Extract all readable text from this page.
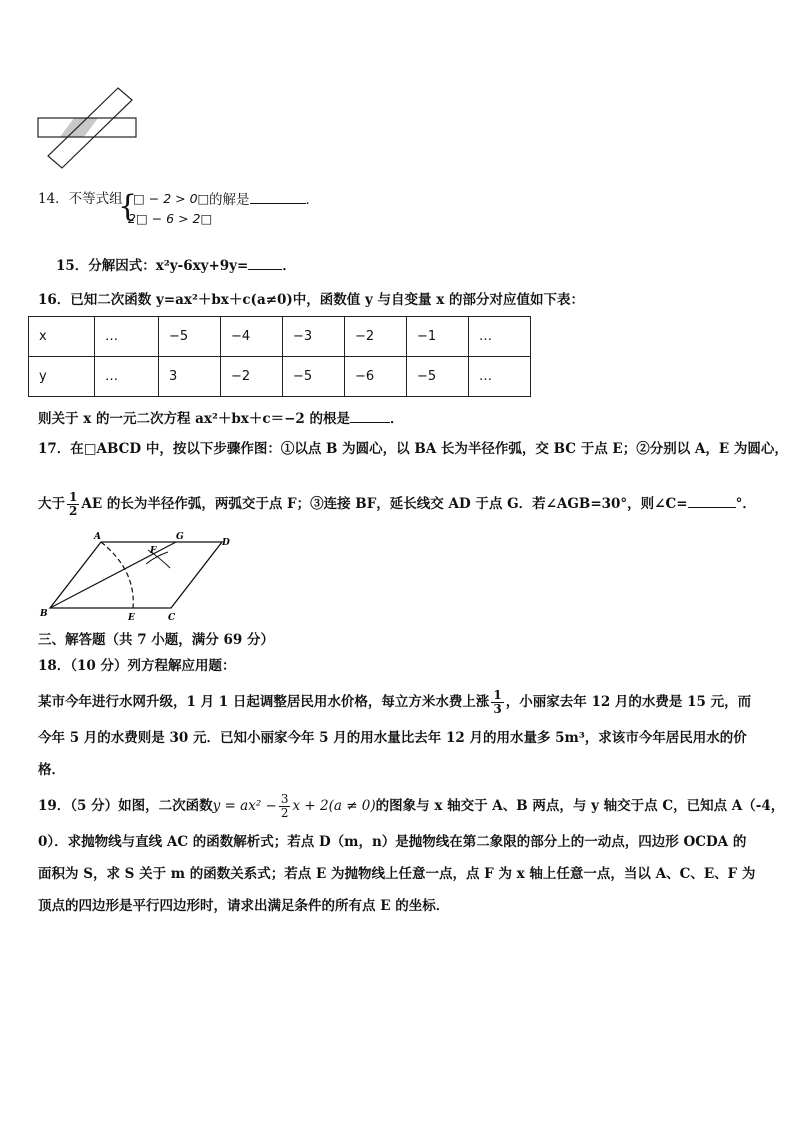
14．不等式组
{
□ − 2 > 0□
2□ − 6 > 2□
的解是	．
15．分解因式：x²y-6xy+9y=	．
16．已知二次函数 y=ax²＋bx＋c(a≠0)中，函数值 y 与自变量 x 的部分对应值如下表：
x	…	−5	−4	−3	−2	−1	…
y	…	3	−2	−5	−6	−5	…
则关于 x 的一元二次方程 ax²＋bx＋c＝−2 的根是	．
17．在□ABCD 中，按以下步骤作图：①以点 B 为圆心，以 BA 长为半径作弧，交 BC 于点 E；②分别以 A，E 为圆心，
大于 $\frac{1}{2}$ AE 的长为半径作弧，两弧交于点 F；③连接 BF，延长线交 AD 于点 G．若∠AGB=30°，则∠C=	°．
A	G
D
F
B	E	C
三、解答题（共 7 小题，满分 69 分）
18．（10 分）列方程解应用题：
某市今年进行水网升级，1 月 1 日起调整居民用水价格，每立方米水费上涨 $\frac{1}{3}$ ，小丽家去年 12 月的水费是 15 元，而
今年 5 月的水费则是 30 元．已知小丽家今年 5 月的用水量比去年 12 月的用水量多 5m³，求该市今年居民用水的价
格．
19．（5 分）如图，二次函数$y = ax^2 - \frac{3}{2}$ x + 2(a ≠ 0)的图象与 x 轴交于 A、B 两点，与 y 轴交于点 C，已知点 A（-4，
0）．求抛物线与直线 AC 的函数解析式；若点 D（m，n）是抛物线在第二象限的部分上的一动点，四边形 OCDA 的
面积为 S，求 S 关于 m 的函数关系式；若点 E 为抛物线上任意一点，点 F 为 x 轴上任意一点，当以 A、C、E、F 为
顶点的四边形是平行四边形时，请求出满足条件的所有点 E 的坐标．
